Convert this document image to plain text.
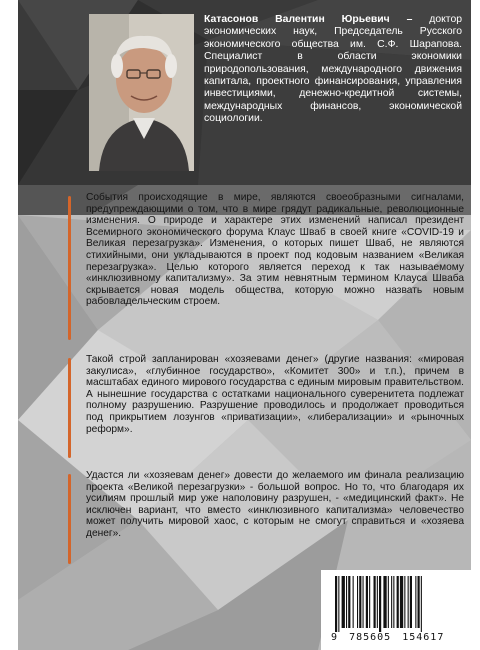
Катасонов Валентин Юрьевич – доктор экономических наук, Председатель Русского экономического общества им. С.Ф. Шарапова. Специалист в области экономики природопользования, международного движения капитала, проектного финансирования, управления инвестициями, денежно-кредитной системы, международных финансов, экономической социологии.
События происходящие в мире, являются своеобразными сигналами, предупреждающими о том, что в мире грядут радикальные, революционные изменения. О природе и характере этих изменений написал президент Всемирного экономического форума Клаус Шваб в своей книге «COVID-19 и Великая перезагрузка». Изменения, о которых пишет Шваб, не являются стихийными, они укладываются в проект под кодовым названием «Великая перезагрузка». Целью которого является переход к так называемому «инклюзивному капитализму». За этим невнятным термином Клауса Шваба скрывается новая модель общества, которую можно назвать новым рабовладельческим строем.
Такой строй запланирован «хозяевами денег» (другие названия: «мировая закулиса», «глубинное государство», «Комитет 300» и т.п.), причем в масштабах единого мирового государства с единым мировым правительством. А нынешние государства с остатками национального суверенитета подлежат полному разрушению. Разрушение проводилось и продолжает проводиться под прикрытием лозунгов «приватизации», «либерализации» и «рыночных реформ».
Удастся ли «хозяевам денег» довести до желаемого им финала реализацию проекта «Великой перезагрузки» - большой вопрос. Но то, что благодаря их усилиям прошлый мир уже наполовину разрушен, - «медицинский факт». Не исключен вариант, что вместо «инклюзивного капитализма» человечество может получить мировой хаос, с которым не смогут справиться и «хозяева денег».
9 785605 154617
